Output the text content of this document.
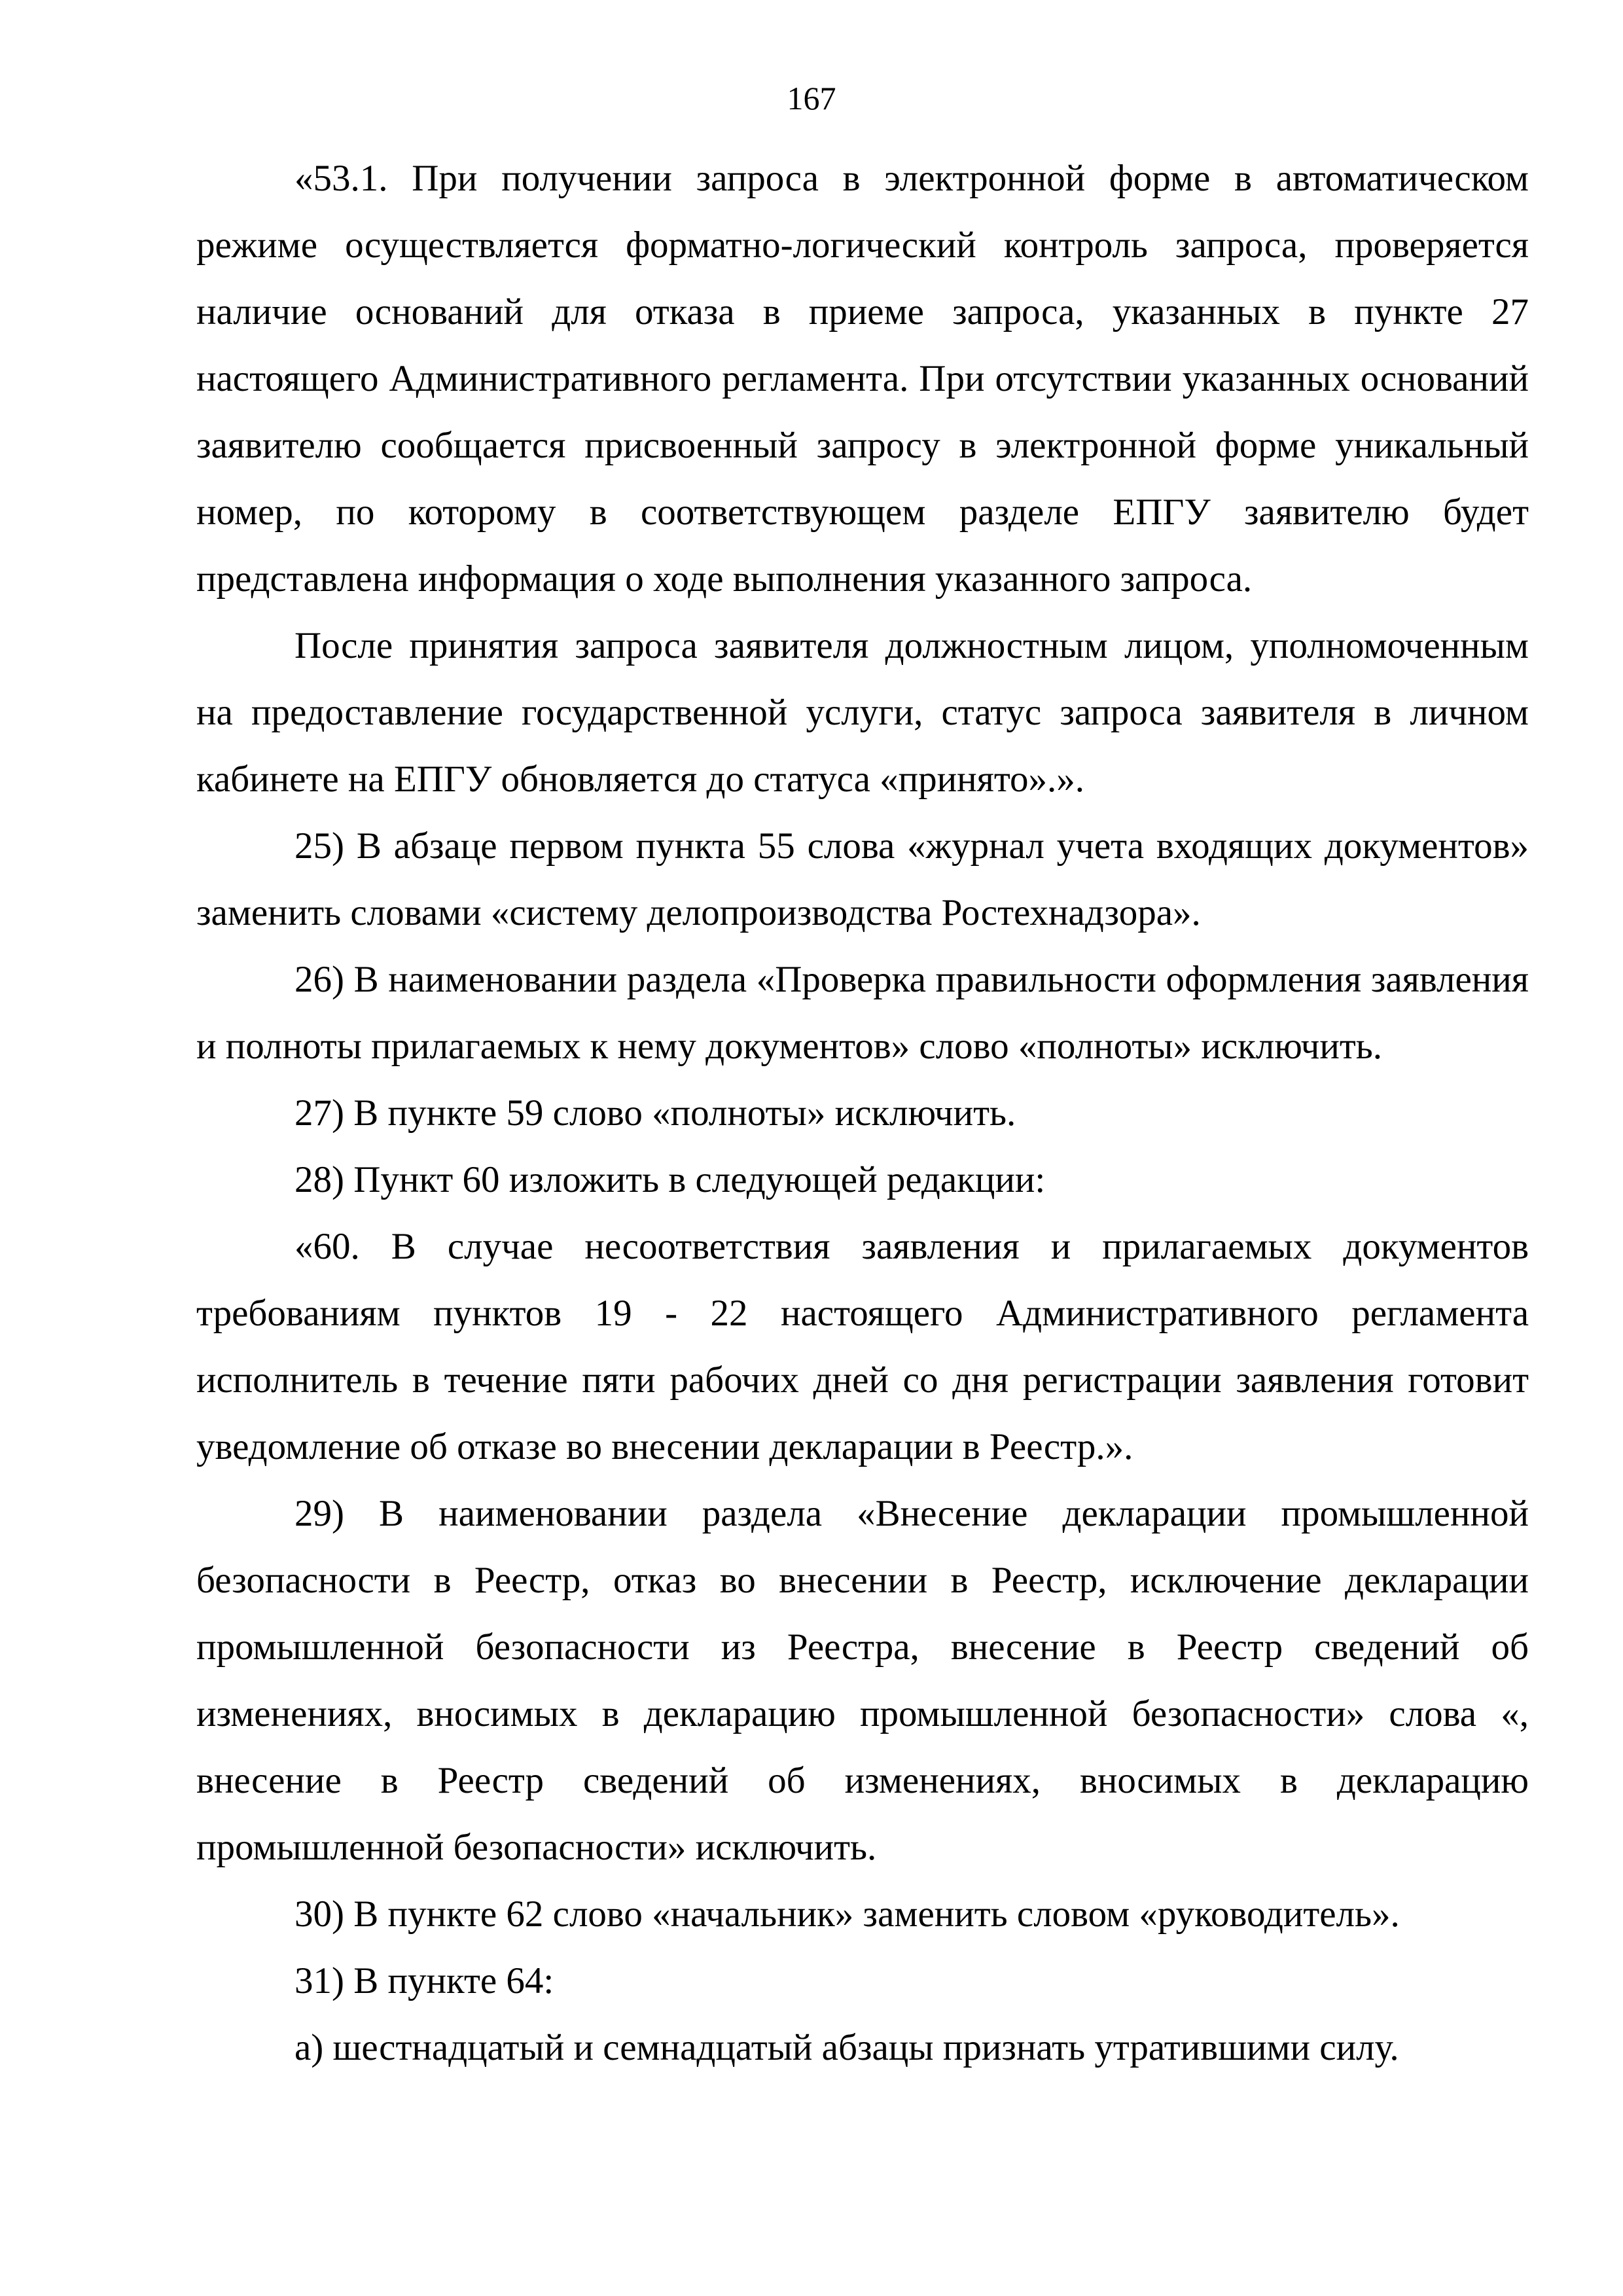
167

«53.1. При получении запроса в электронной форме в автоматическом режиме осуществляется форматно-логический контроль запроса, проверяется наличие оснований для отказа в приеме запроса, указанных в пункте 27 настоящего Административного регламента. При отсутствии указанных оснований заявителю сообщается присвоенный запросу в электронной форме уникальный номер, по которому в соответствующем разделе ЕПГУ заявителю будет представлена информация о ходе выполнения указанного запроса.

После принятия запроса заявителя должностным лицом, уполномоченным на предоставление государственной услуги, статус запроса заявителя в личном кабинете на ЕПГУ обновляется до статуса «принято».».

25) В абзаце первом пункта 55 слова «журнал учета входящих документов» заменить словами «систему делопроизводства Ростехнадзора».

26) В наименовании раздела «Проверка правильности оформления заявления и полноты прилагаемых к нему документов» слово «полноты» исключить.

27) В пункте 59 слово «полноты» исключить.

28) Пункт 60 изложить в следующей редакции:

«60. В случае несоответствия заявления и прилагаемых документов требованиям пунктов 19 - 22 настоящего Административного регламента исполнитель в течение пяти рабочих дней со дня регистрации заявления готовит уведомление об отказе во внесении декларации в Реестр.».

29) В наименовании раздела «Внесение декларации промышленной безопасности в Реестр, отказ во внесении в Реестр, исключение декларации промышленной безопасности из Реестра, внесение в Реестр сведений об изменениях, вносимых в декларацию промышленной безопасности» слова «, внесение в Реестр сведений об изменениях, вносимых в декларацию промышленной безопасности» исключить.

30) В пункте 62 слово «начальник» заменить словом «руководитель».

31) В пункте 64:

а) шестнадцатый и семнадцатый абзацы признать утратившими силу.
